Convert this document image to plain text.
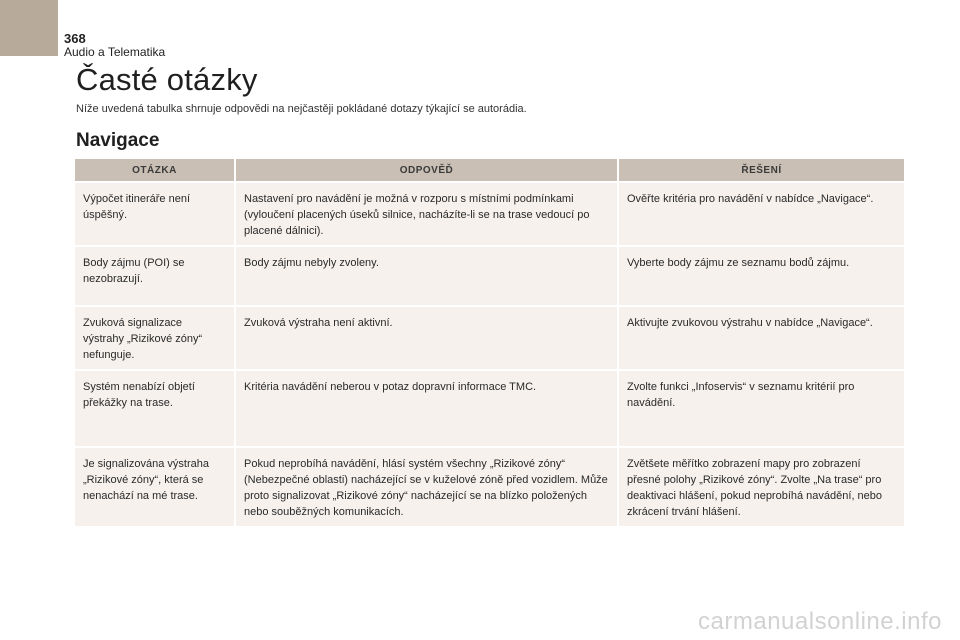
368
Audio a Telematika
Časté otázky

Níže uvedená tabulka shrnuje odpovědi na nejčastěji pokládané dotazy týkající se autorádia.

Navigace
OTÁZKA	ODPOVĚĎ	ŘEŠENÍ
Výpočet itineráře není úspěšný.	Nastavení pro navádění je možná v rozporu s místními podmínkami (vyloučení placených úseků silnice, nacházíte-li se na trase vedoucí po placené dálnici).	Ověřte kritéria pro navádění v nabídce „Navigace“.
Body zájmu (POI) se nezobrazují.	Body zájmu nebyly zvoleny.	Vyberte body zájmu ze seznamu bodů zájmu.
Zvuková signalizace výstrahy „Rizikové zóny“ nefunguje.	Zvuková výstraha není aktivní.	Aktivujte zvukovou výstrahu v nabídce „Navigace“.
Systém nenabízí objetí překážky na trase.	Kritéria navádění neberou v potaz dopravní informace TMC.	Zvolte funkci „Infoservis“ v seznamu kritérií pro navádění.
Je signalizována výstraha „Rizikové zóny“, která se nenachází na mé trase.	Pokud neprobíhá navádění, hlásí systém všechny „Rizikové zóny“ (Nebezpečné oblasti) nacházející se v kuželové zóně před vozidlem. Může proto signalizovat „Rizikové zóny“ nacházející se na blízko položených nebo souběžných komunikacích.	Zvětšete měřítko zobrazení mapy pro zobrazení přesné polohy „Rizikové zóny“. Zvolte „Na trase“ pro deaktivaci hlášení, pokud neprobíhá navádění, nebo zkrácení trvání hlášení.
carmanualsonline.info
